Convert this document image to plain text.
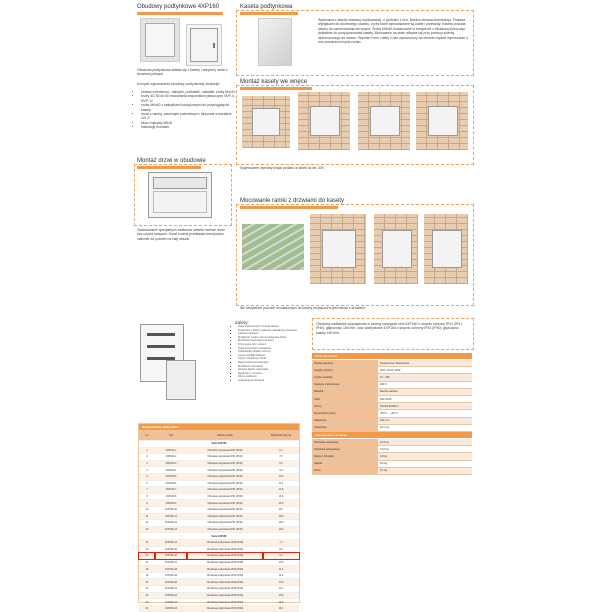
Obudowy podtynkowe 4XP160
Obudowa podtynkowa składa się z kasety i odrębnej ramki z drzwiami pełnymi.
Komplet wyposażenia obudowy podtynkowej obejmuje:
• zestaw uziemienia - nakrętki, podkładki, nakładki, śruby M4x10
• śruby 4G 50 do 60 mocowania wsporników płaszczyzn NVF-4, NVP-12
• śruby M4x40 z nakrętkami koszykowymi do przyciągnięcia kasety
• drzwi z ramką, zamknięte patentowym i kluczami w kształcie 121.5
• klucz trójkątny M6x8
• instrukcję montażu
Kaseta podtynkowa
Wykonana z blachy stalowej ocynkowanej, o grubości 1 mm. Bardzo otwarta konstrukcja. Posiada wybijakami do wczesnego otwartu, przez które wprowadzane są kable i przewody. Kaseta posiada otwory do zamocowania we wnęce. Śruby M4x40 dostarczane w komplecie z obudową służą więc dokładnie do pozycjonowania kasety. Mocowanie na stałe odbywa się przy pomocy ścienię wpuszczonego do otworu. Wymiar 9 mm i dalej 4 mm wpuszczony na obrzeżu będzie wyrównanie 4 mm powierzchni tynku ścian.
Montaż kasety we wnęce
Sugerowane wymiary wnęki podano w tabeli na str. 309
Montaż drzwi w obudowie
Zastosowanie specjalnych zawiasów ułatwia montaż drzwi bez użycia narzędzi. Drzwi można przekładać lewo/prawo zależnie od potrzeb na cały obszar.
Mocowanie ramki z drzwiami do kasety
We wszystkich pracach montażowych do kasety przyłączona jest ramka z drzwiami.
Zalety:
▪ Duża estetyczność i funkcjonalność
▪ Wykonana z blachy stalowej malowanej proszkowo
▪ Łatwość montażu
▪ Możliwość zmiany strony otwierania drzwi
▪ Możliwość zamknięcia na klucz
▪ Drzwi pełne lub z oknem
▪ Duża przestrzeń montażowa
▪ Odpowiedni stopień ochrony
▪ Liczne wybijaki kablowe
▪ Szyny montażowe TH35
▪ Ergonomiczna konstrukcja
▪ Możliwość rozbudowy
▪ Wysoka jakość wykonania
▪ Zgodność z normami
▪ Różne wielkości
▪ Gwarancja producenta
Obudowy nadtalowe wyposażone w szereg rozwiązań serii 4XP160 o stopniu ochrony IP41 (IP41, IP40), głębokości 160 mm, oraz podtynkowe 4XP160 o stopniu ochrony IP43 (IP40), głębokość kasety 160 mm.
Dane techniczne
Rodzaj obudowy	Podtynkowa / Natynkowa
Stopień ochrony	IP41 / IP43 / IP40
Liczba modułów	12 - 180
Napięcie znamionowe	400 V
Materiał	Blacha stalowa
Kolor	RAL 9016
Normy	PN-EN 60439-3
Temperatura pracy	-25°C ... +40°C
Głębokość	160 mm
Gwarancja	24 m-ce
Ubezpieczone obudowa
Obudowa natynkowa	12,5 kg
Obudowa podtynkowa	13,0 kg
Rama z drzwiami	4,8 kg
Kaseta	8,2 kg
Drzwi	3,1 kg
Dopasowanie sknty drzwi
Lp	Typ	Nazwa wyrobu	Wskaźnik masy, kg
Seria 4XP160			
1	4XP160-1	Obudowa natynkowa IP41 (IP40)	6,1
2	4XP160-2	Obudowa natynkowa IP41 (IP40)	7,0
3	4XP160-3	Obudowa natynkowa IP41 (IP40)	8,2
4	4XP160-4	Obudowa natynkowa IP41 (IP40)	9,3
5	4XP160-5	Obudowa natynkowa IP41 (IP40)	10,5
6	4XP160-6	Obudowa natynkowa IP41 (IP40)	11,4
7	4XP160-7	Obudowa natynkowa IP41 (IP40)	12,6
8	4XP160-8	Obudowa natynkowa IP41 (IP40)	13,4
9	4XP160-9	Obudowa natynkowa IP41 (IP40)	14,8
10	4XP160-10	Obudowa natynkowa IP41 (IP40)	15,7
11	4XP160-11	Obudowa natynkowa IP41 (IP40)	16,9
12	4XP160-12	Obudowa natynkowa IP41 (IP40)	18,0
13	4XP160-13	Obudowa natynkowa IP41 (IP40)	19,2
Seria 4XP160			
14	4XP160-14	Obudowa podtynkowa IP43 (IP40)	7,1
15	4XP160-15	Obudowa podtynkowa IP43 (IP40)	8,0
16	4XP160-16	Obudowa podtynkowa IP43 (IP40)	9,1
17	4XP160-17	Obudowa podtynkowa IP43 (IP40)	10,3
18	4XP160-18	Obudowa podtynkowa IP43 (IP40)	11,2
19	4XP160-19	Obudowa podtynkowa IP43 (IP40)	12,4
20	4XP160-20	Obudowa podtynkowa IP43 (IP40)	13,5
21	4XP160-21	Obudowa podtynkowa IP43 (IP40)	14,7
22	4XP160-22	Obudowa podtynkowa IP43 (IP40)	15,8
23	4XP160-23	Obudowa podtynkowa IP43 (IP40)	16,9
24	4XP160-24	Obudowa podtynkowa IP43 (IP40)	18,1
